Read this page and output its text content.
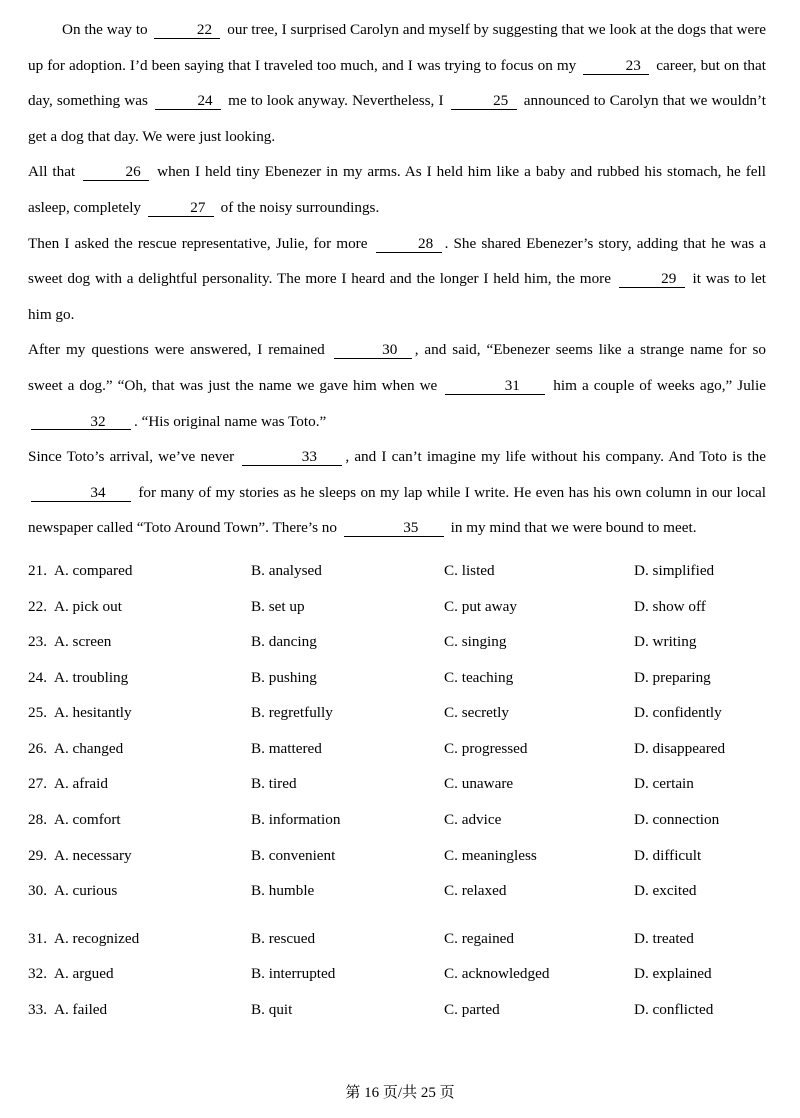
On the way to	22 our tree, I surprised Carolyn and myself by suggesting that we look at the dogs that were up for adoption. I’d been saying that I traveled too much, and I was trying to focus on my	23 career, but on that day, something was	24 me to look anyway. Nevertheless, I	25 announced to Carolyn that we wouldn’t get a dog that day. We were just looking.

All that	26 when I held tiny Ebenezer in my arms. As I held him like a baby and rubbed his stomach, he fell asleep, completely	27 of the noisy surroundings.

Then I asked the rescue representative, Julie, for more	28 . She shared Ebenezer’s story, adding that he was a sweet dog with a delightful personality. The more I heard and the longer I held him, the more	29 it was to let him go.

After my questions were answered, I remained	30 , and said, “Ebenezer seems like a strange name for so sweet a dog.” “Oh, that was just the name we gave him when we	31 him a couple of weeks ago,” Julie 32 . “His original name was Toto.”

Since Toto’s arrival, we’ve never	33 , and I can’t imagine my life without his company. And Toto is the 34 for many of my stories as he sleeps on my lap while I write. He even has his own column in our local newspaper called “Toto Around Town”. There’s no	35 in my mind that we were bound to meet.

21. A. compared	B. analysed	C. listed	D. simplified
22. A. pick out	B. set up	C. put away	D. show off
23. A. screen	B. dancing	C. singing	D. writing
24. A. troubling	B. pushing	C. teaching	D. preparing
25. A. hesitantly	B. regretfully	C. secretly	D. confidently
26. A. changed	B. mattered	C. progressed	D. disappeared
27. A. afraid	B. tired	C. unaware	D. certain
28. A. comfort	B. information	C. advice	D. connection
29. A. necessary	B. convenient	C. meaningless	D. difficult
30. A. curious	B. humble	C. relaxed	D. excited
31. A. recognized	B. rescued	C. regained	D. treated
32. A. argued	B. interrupted	C. acknowledged	D. explained
33. A. failed	B. quit	C. parted	D. conflicted
第 16 页/共 25 页
